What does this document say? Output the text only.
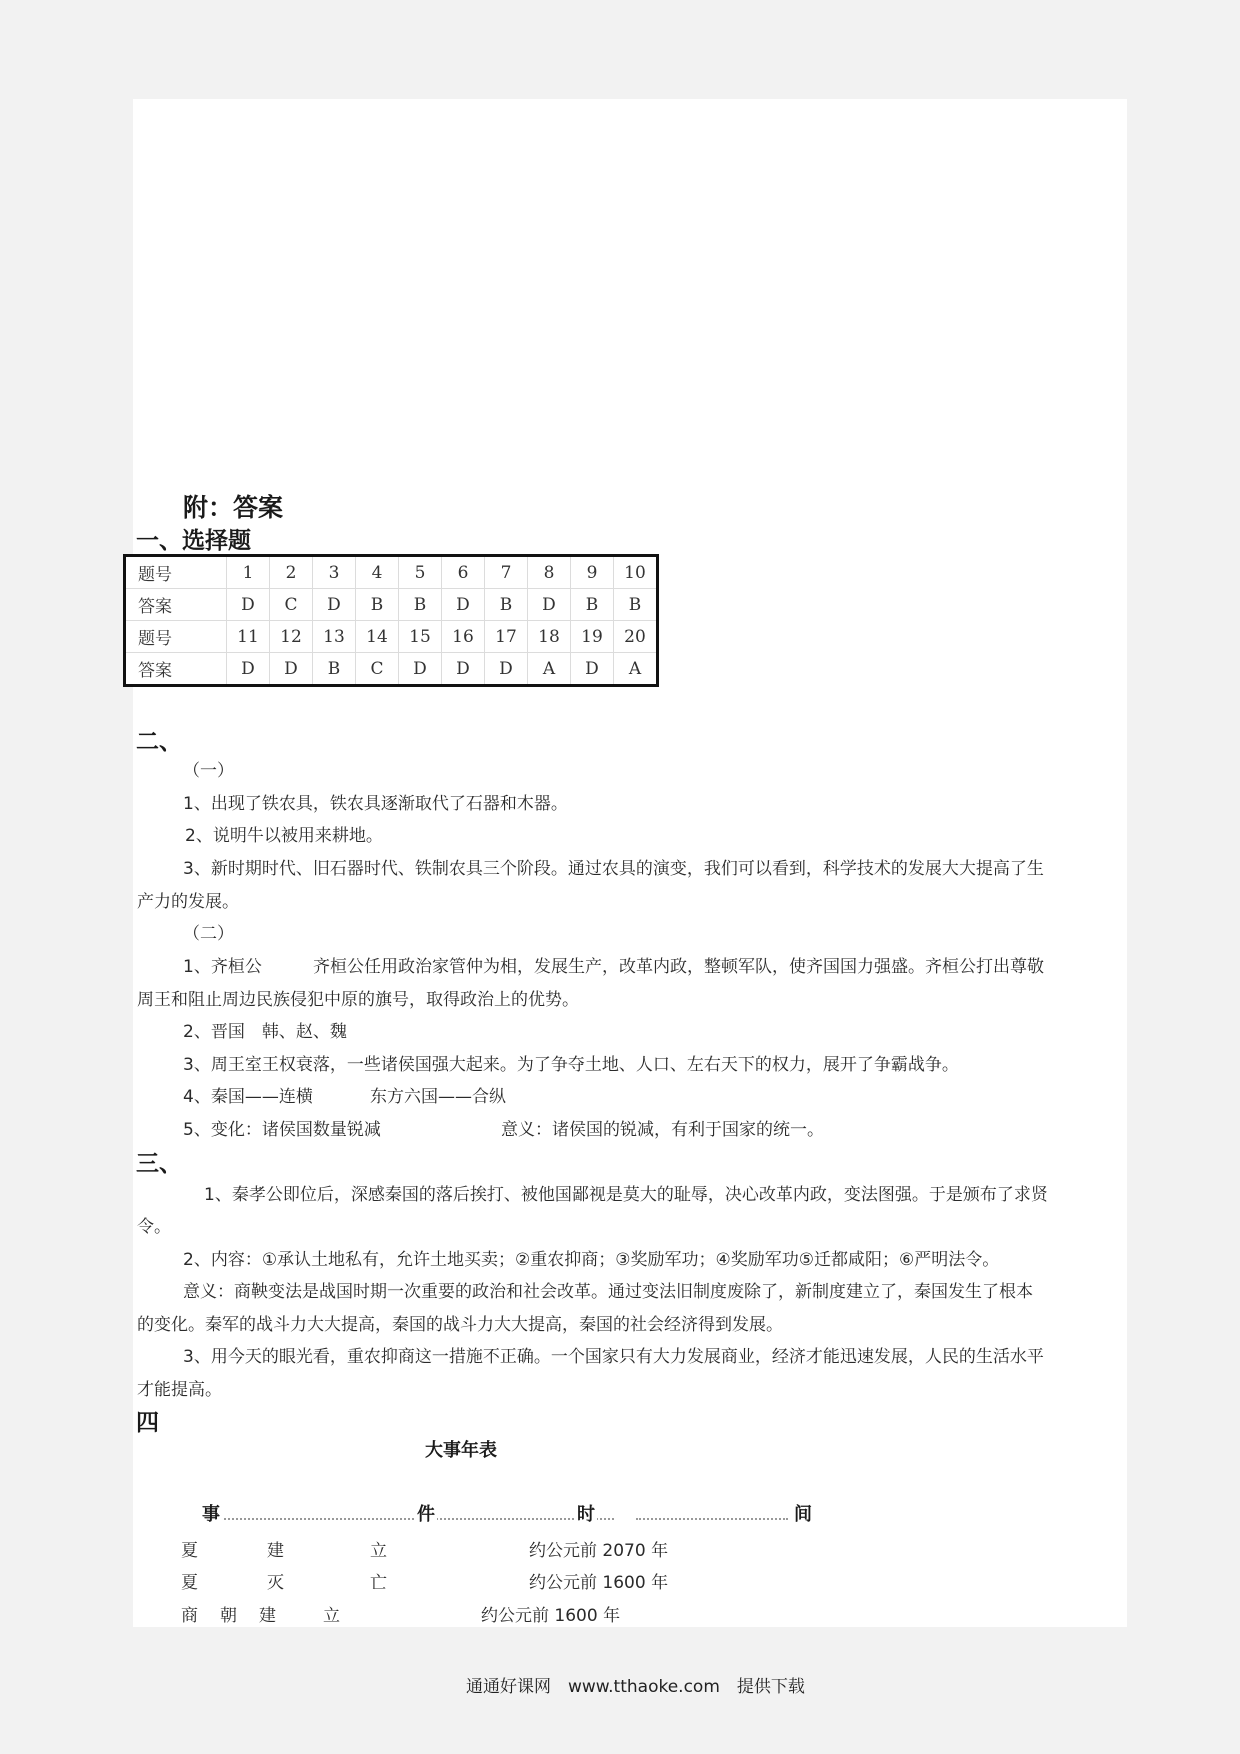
附：答案
一、选择题
题号	1	2	3	4	5	6	7	8	9	10
答案	D	C	D	B	B	D	B	D	B	B
题号	11	12	13	14	15	16	17	18	19	20
答案	D	D	B	C	D	D	D	A	D	A
二、
（一）
1、出现了铁农具，铁农具逐渐取代了石器和木器。
2、说明牛以被用来耕地。
3、新时期时代、旧石器时代、铁制农具三个阶段。通过农具的演变，我们可以看到，科学技术的发展大大提高了生
产力的发展。
（二）
1、齐桓公	齐桓公任用政治家管仲为相，发展生产，改革内政，整顿军队，使齐国国力强盛。齐桓公打出尊敬
周王和阻止周边民族侵犯中原的旗号，取得政治上的优势。
2、晋国　韩、赵、魏
3、周王室王权衰落，一些诸侯国强大起来。为了争夺土地、人口、左右天下的权力，展开了争霸战争。
4、秦国——连横	东方六国——合纵
5、变化：诸侯国数量锐减	意义：诸侯国的锐减，有利于国家的统一。
三、
1、秦孝公即位后，深感秦国的落后挨打、被他国鄙视是莫大的耻辱，决心改革内政，变法图强。于是颁布了求贤
令。
2、内容：①承认土地私有，允许土地买卖；②重农抑商；③奖励军功；④奖励军功⑤迁都咸阳；⑥严明法令。
意义：商鞅变法是战国时期一次重要的政治和社会改革。通过变法旧制度废除了，新制度建立了，秦国发生了根本
的变化。秦军的战斗力大大提高，秦国的战斗力大大提高，秦国的社会经济得到发展。
3、用今天的眼光看，重农抑商这一措施不正确。一个国家只有大力发展商业，经济才能迅速发展，人民的生活水平
才能提高。
四
大事年表
事	件	时	间
夏	建	立	约公元前 2070 年
夏	灭	亡	约公元前 1600 年
商 朝 建	立	约公元前 1600 年
通通好课网　www.tthaoke.com　提供下载
